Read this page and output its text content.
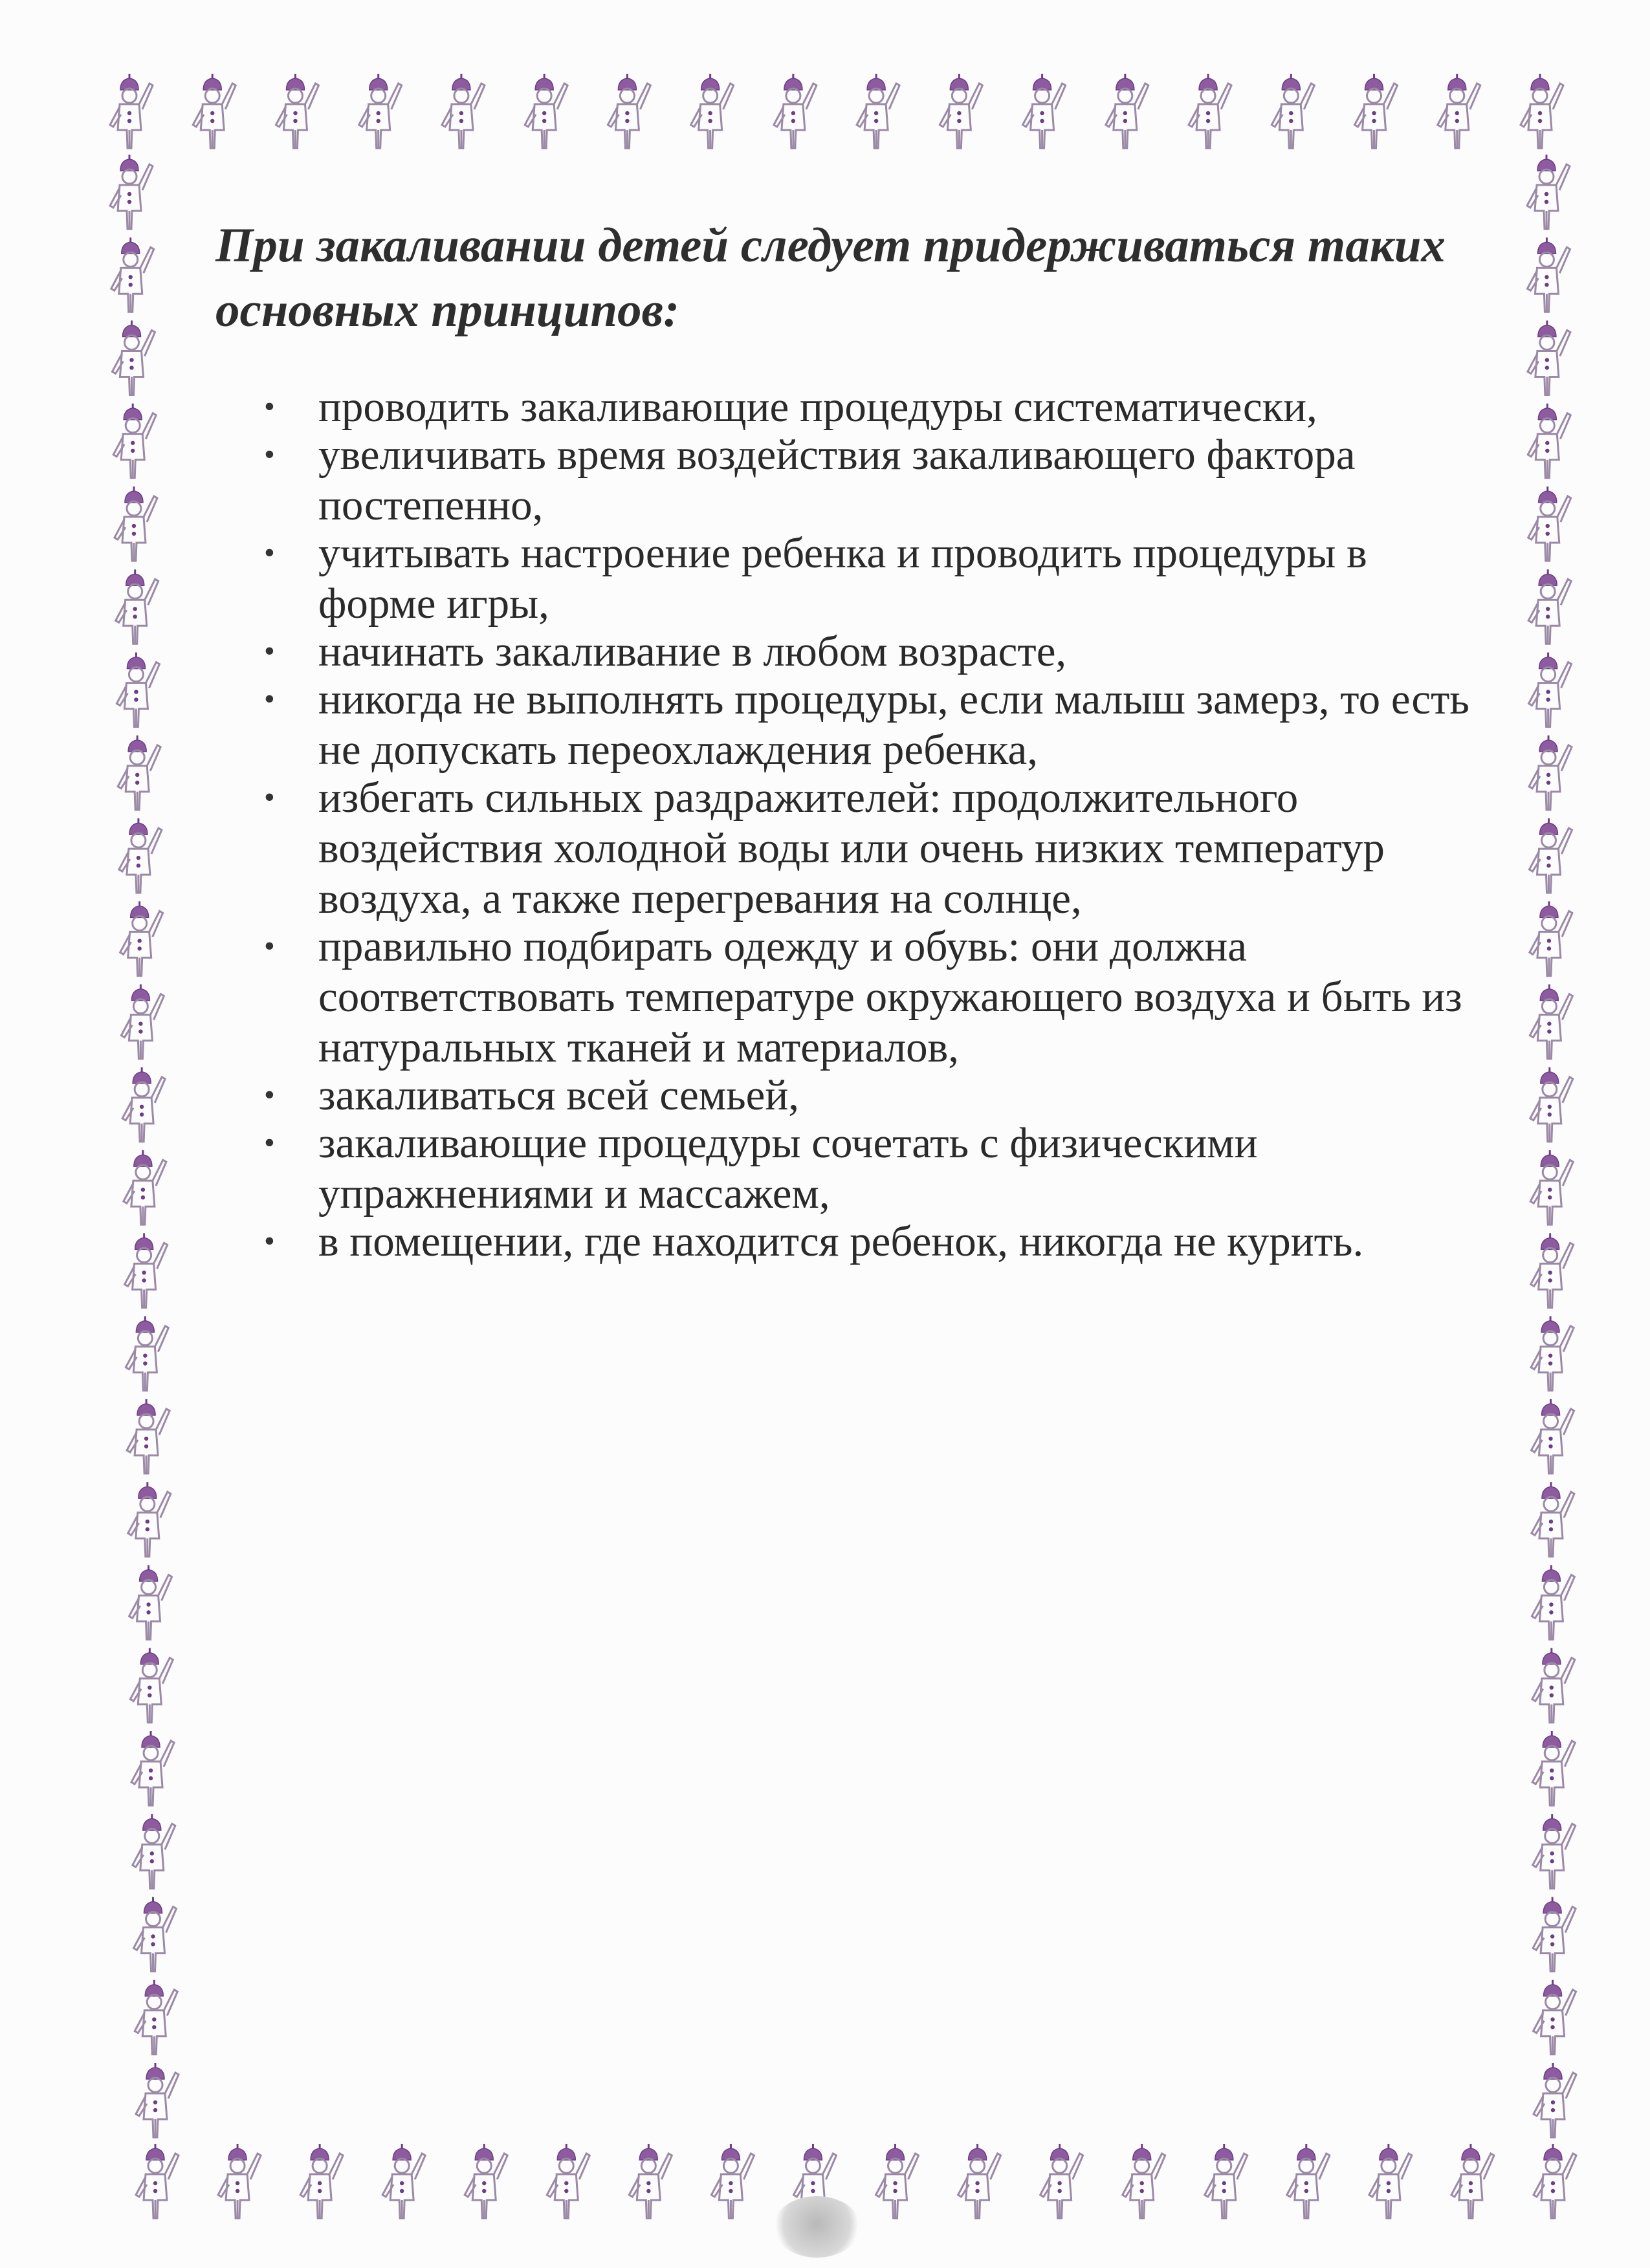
При закаливании детей следует придерживаться таких основных принципов:
• проводить закаливающие процедуры систематически,
• увеличивать время воздействия закаливающего фактора постепенно,
• учитывать настроение ребенка и проводить процедуры в форме игры,
• начинать закаливание в любом возрасте,
• никогда не выполнять процедуры, если малыш замерз, то есть не допускать переохлаждения ребенка,
• избегать сильных раздражителей: продолжительного воздействия холодной воды или очень низких температур воздуха, а также перегревания на солнце,
• правильно подбирать одежду и обувь: они должна соответствовать температуре окружающего воздуха и быть из натуральных тканей и материалов,
• закаливаться всей семьей,
• закаливающие процедуры сочетать с физическими упражнениями и массажем,
• в помещении, где находится ребенок, никогда не курить.
